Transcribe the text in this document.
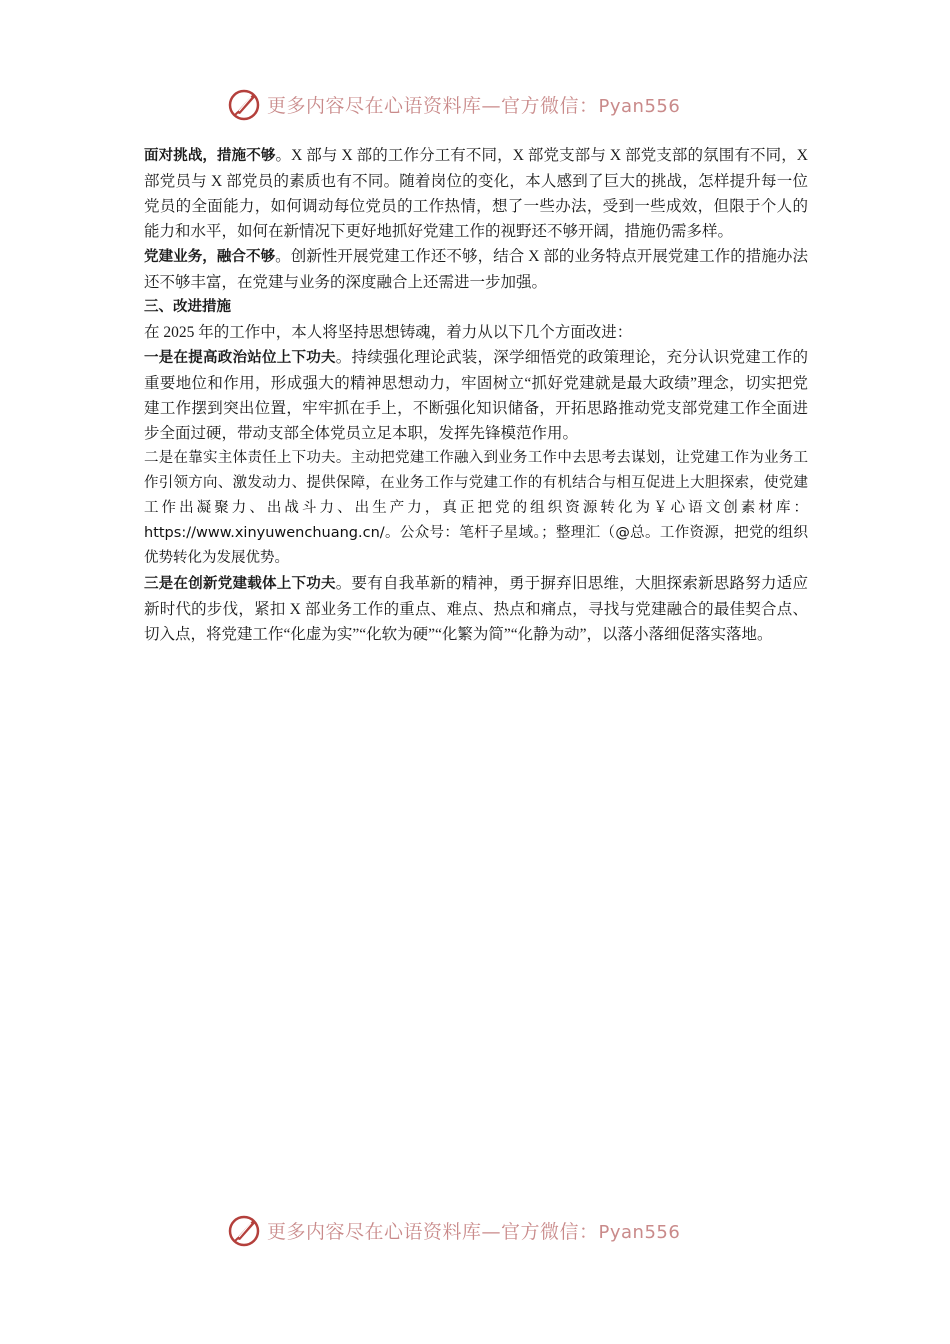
更多内容尽在心语资料库—官方微信：Pyan556

面对挑战，措施不够。X 部与 X 部的工作分工有不同，X 部党支部与 X 部党支部的氛围有不同，X 部党员与 X 部党员的素质也有不同。随着岗位的变化，本人感到了巨大的挑战，怎样提升每一位党员的全面能力，如何调动每位党员的工作热情，想了一些办法，受到一些成效，但限于个人的能力和水平，如何在新情况下更好地抓好党建工作的视野还不够开阔，措施仍需多样。

党建业务，融合不够。创新性开展党建工作还不够，结合 X 部的业务特点开展党建工作的措施办法还不够丰富，在党建与业务的深度融合上还需进一步加强。

三、改进措施

在 2025 年的工作中，本人将坚持思想铸魂，着力从以下几个方面改进：

一是在提高政治站位上下功夫。持续强化理论武装，深学细悟党的政策理论，充分认识党建工作的重要地位和作用，形成强大的精神思想动力，牢固树立“抓好党建就是最大政绩”理念，切实把党建工作摆到突出位置，牢牢抓在手上，不断强化知识储备，开拓思路推动党支部党建工作全面进步全面过硬，带动支部全体党员立足本职，发挥先锋模范作用。

二是在靠实主体责任上下功夫。主动把党建工作融入到业务工作中去思考去谋划，让党建工作为业务工作引领方向、激发动力、提供保障，在业务工作与党建工作的有机结合与相互促进上大胆探索，使党建工作出凝聚力、出战斗力、出生产力，真正把党的组织资源转化为￥心语文创素材库：https://www.xinyuwenchuang.cn/。公众号：笔杆子星域。；整理汇（@总。工作资源，把党的组织优势转化为发展优势。

三是在创新党建载体上下功夫。要有自我革新的精神，勇于摒弃旧思维，大胆探索新思路努力适应新时代的步伐，紧扣 X 部业务工作的重点、难点、热点和痛点，寻找与党建融合的最佳契合点、切入点，将党建工作“化虚为实”“化软为硬”“化繁为简”“化静为动”，以落小落细促落实落地。

更多内容尽在心语资料库—官方微信：Pyan556
